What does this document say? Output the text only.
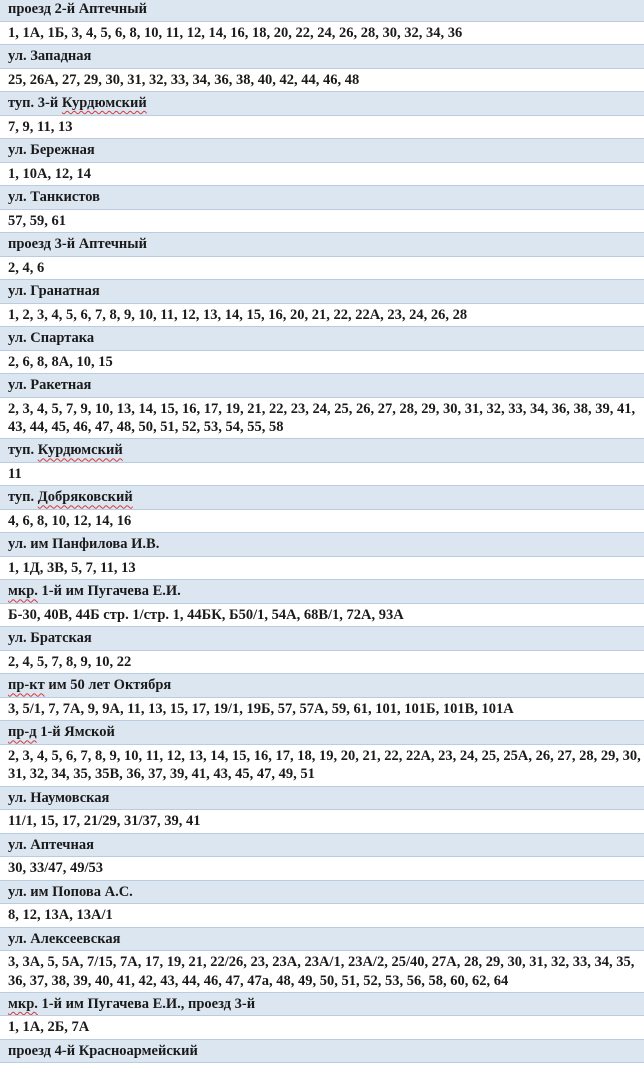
проезд 2-й Аптечный
1, 1А, 1Б, 3, 4, 5, 6, 8, 10, 11, 12, 14, 16, 18, 20, 22, 24, 26, 28, 30, 32, 34, 36
ул. Западная
25, 26А, 27, 29, 30, 31, 32, 33, 34, 36, 38, 40, 42, 44, 46, 48
туп. 3-й Курдюмский
7, 9, 11, 13
ул. Бережная
1, 10А, 12, 14
ул. Танкистов
57, 59, 61
проезд 3-й Аптечный
2, 4, 6
ул. Гранатная
1, 2, 3, 4, 5, 6, 7, 8, 9, 10, 11, 12, 13, 14, 15, 16, 20, 21, 22, 22А, 23, 24, 26, 28
ул. Спартака
2, 6, 8, 8А, 10, 15
ул. Ракетная
2, 3, 4, 5, 7, 9, 10, 13, 14, 15, 16, 17, 19, 21, 22, 23, 24, 25, 26, 27, 28, 29, 30, 31, 32, 33, 34, 36, 38, 39, 41, 43, 44, 45, 46, 47, 48, 50, 51, 52, 53, 54, 55, 58
туп. Курдюмский
11
туп. Добряковский
4, 6, 8, 10, 12, 14, 16
ул. им Панфилова И.В.
1, 1Д, 3В, 5, 7, 11, 13
мкр. 1-й им Пугачева Е.И.
Б-30, 40В, 44Б стр. 1/стр. 1, 44БК, Б50/1, 54А, 68В/1, 72А, 93А
ул. Братская
2, 4, 5, 7, 8, 9, 10, 22
пр-кт им 50 лет Октября
3, 5/1, 7, 7А, 9, 9А, 11, 13, 15, 17, 19/1, 19Б, 57, 57А, 59, 61, 101, 101Б, 101В, 101А
пр-д 1-й Ямской
2, 3, 4, 5, 6, 7, 8, 9, 10, 11, 12, 13, 14, 15, 16, 17, 18, 19, 20, 21, 22, 22А, 23, 24, 25, 25А, 26, 27, 28, 29, 30, 31, 32, 34, 35, 35В, 36, 37, 39, 41, 43, 45, 47, 49, 51
ул. Наумовская
11/1, 15, 17, 21/29, 31/37, 39, 41
ул. Аптечная
30, 33/47, 49/53
ул. им Попова А.С.
8, 12, 13А, 13А/1
ул. Алексеевская
3, 3А, 5, 5А, 7/15, 7А, 17, 19, 21, 22/26, 23, 23А, 23А/1, 23А/2, 25/40, 27А, 28, 29, 30, 31, 32, 33, 34, 35, 36, 37, 38, 39, 40, 41, 42, 43, 44, 46, 47, 47а, 48, 49, 50, 51, 52, 53, 56, 58, 60, 62, 64
мкр. 1-й им Пугачева Е.И., проезд 3-й
1, 1А, 2Б, 7А
проезд 4-й Красноармейский
